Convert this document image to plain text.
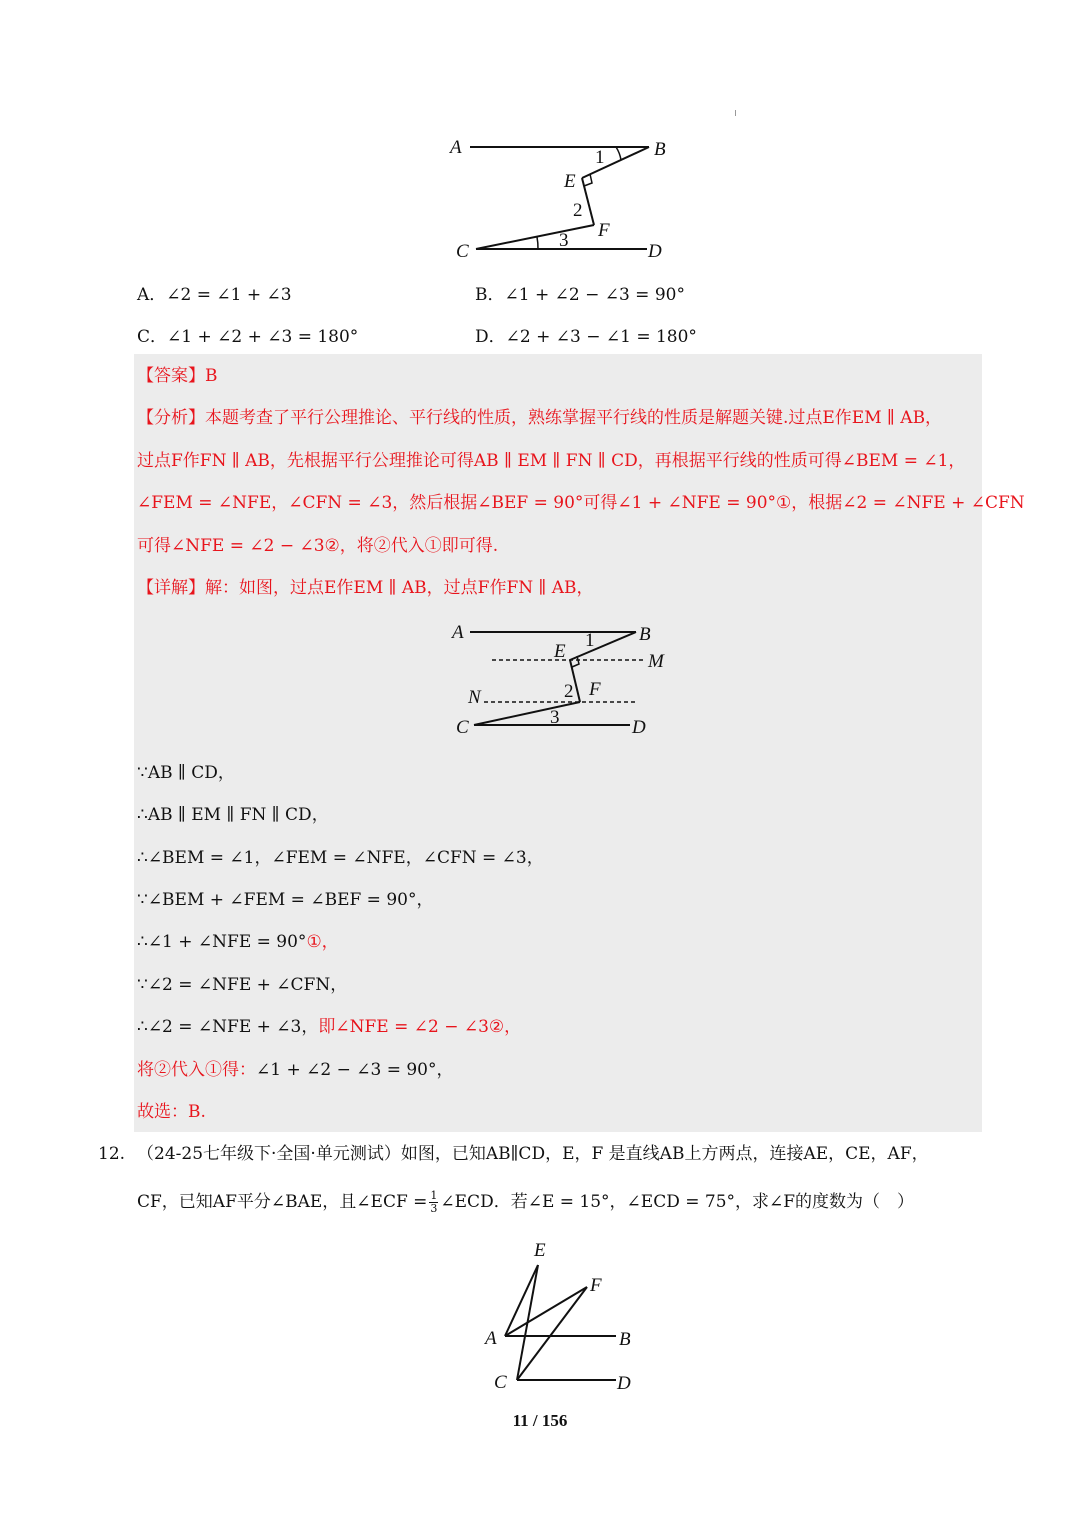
A	B
E
F
C	D
1
2
3
A．∠2 = ∠1 + ∠3	B．∠1 + ∠2 − ∠3 = 90°
C．∠1 + ∠2 + ∠3 = 180°	D．∠2 + ∠3 − ∠1 = 180°
【答案】B
【分析】本题考查了平行公理推论、平行线的性质，熟练掌握平行线的性质是解题关键.过点E作EM ∥ AB，
过点F作FN ∥ AB，先根据平行公理推论可得AB ∥ EM ∥ FN ∥ CD，再根据平行线的性质可得∠BEM = ∠1，
∠FEM = ∠NFE，∠CFN = ∠3，然后根据∠BEF = 90°可得∠1 + ∠NFE = 90°①，根据∠2 = ∠NFE + ∠CFN
可得∠NFE = ∠2 − ∠3②，将②代入①即可得.
【详解】解：如图，过点E作EM ∥ AB，过点F作FN ∥ AB，
A	B
E	M
N	F
C	D
1
2
3
∵AB ∥ CD，
∴AB ∥ EM ∥ FN ∥ CD，
∴∠BEM = ∠1，∠FEM = ∠NFE，∠CFN = ∠3，
∵∠BEM + ∠FEM = ∠BEF = 90°，
∴∠1 + ∠NFE = 90°①，
∵∠2 = ∠NFE + ∠CFN，
∴∠2 = ∠NFE + ∠3，即∠NFE = ∠2 − ∠3②，
将②代入①得：∠1 + ∠2 − ∠3 = 90°，
故选：B.
12. （24-25七年级下·全国·单元测试）如图，已知AB∥CD，E，F 是直线AB上方两点，连接AE，CE，AF，
CF，已知AF平分∠BAE，且∠ECF = $\frac{1}{3}$ ∠ECD．若∠E = 15°，∠ECD = 75°，求∠F的度数为（　）
E
F
A	B
C	D
11 / 156
